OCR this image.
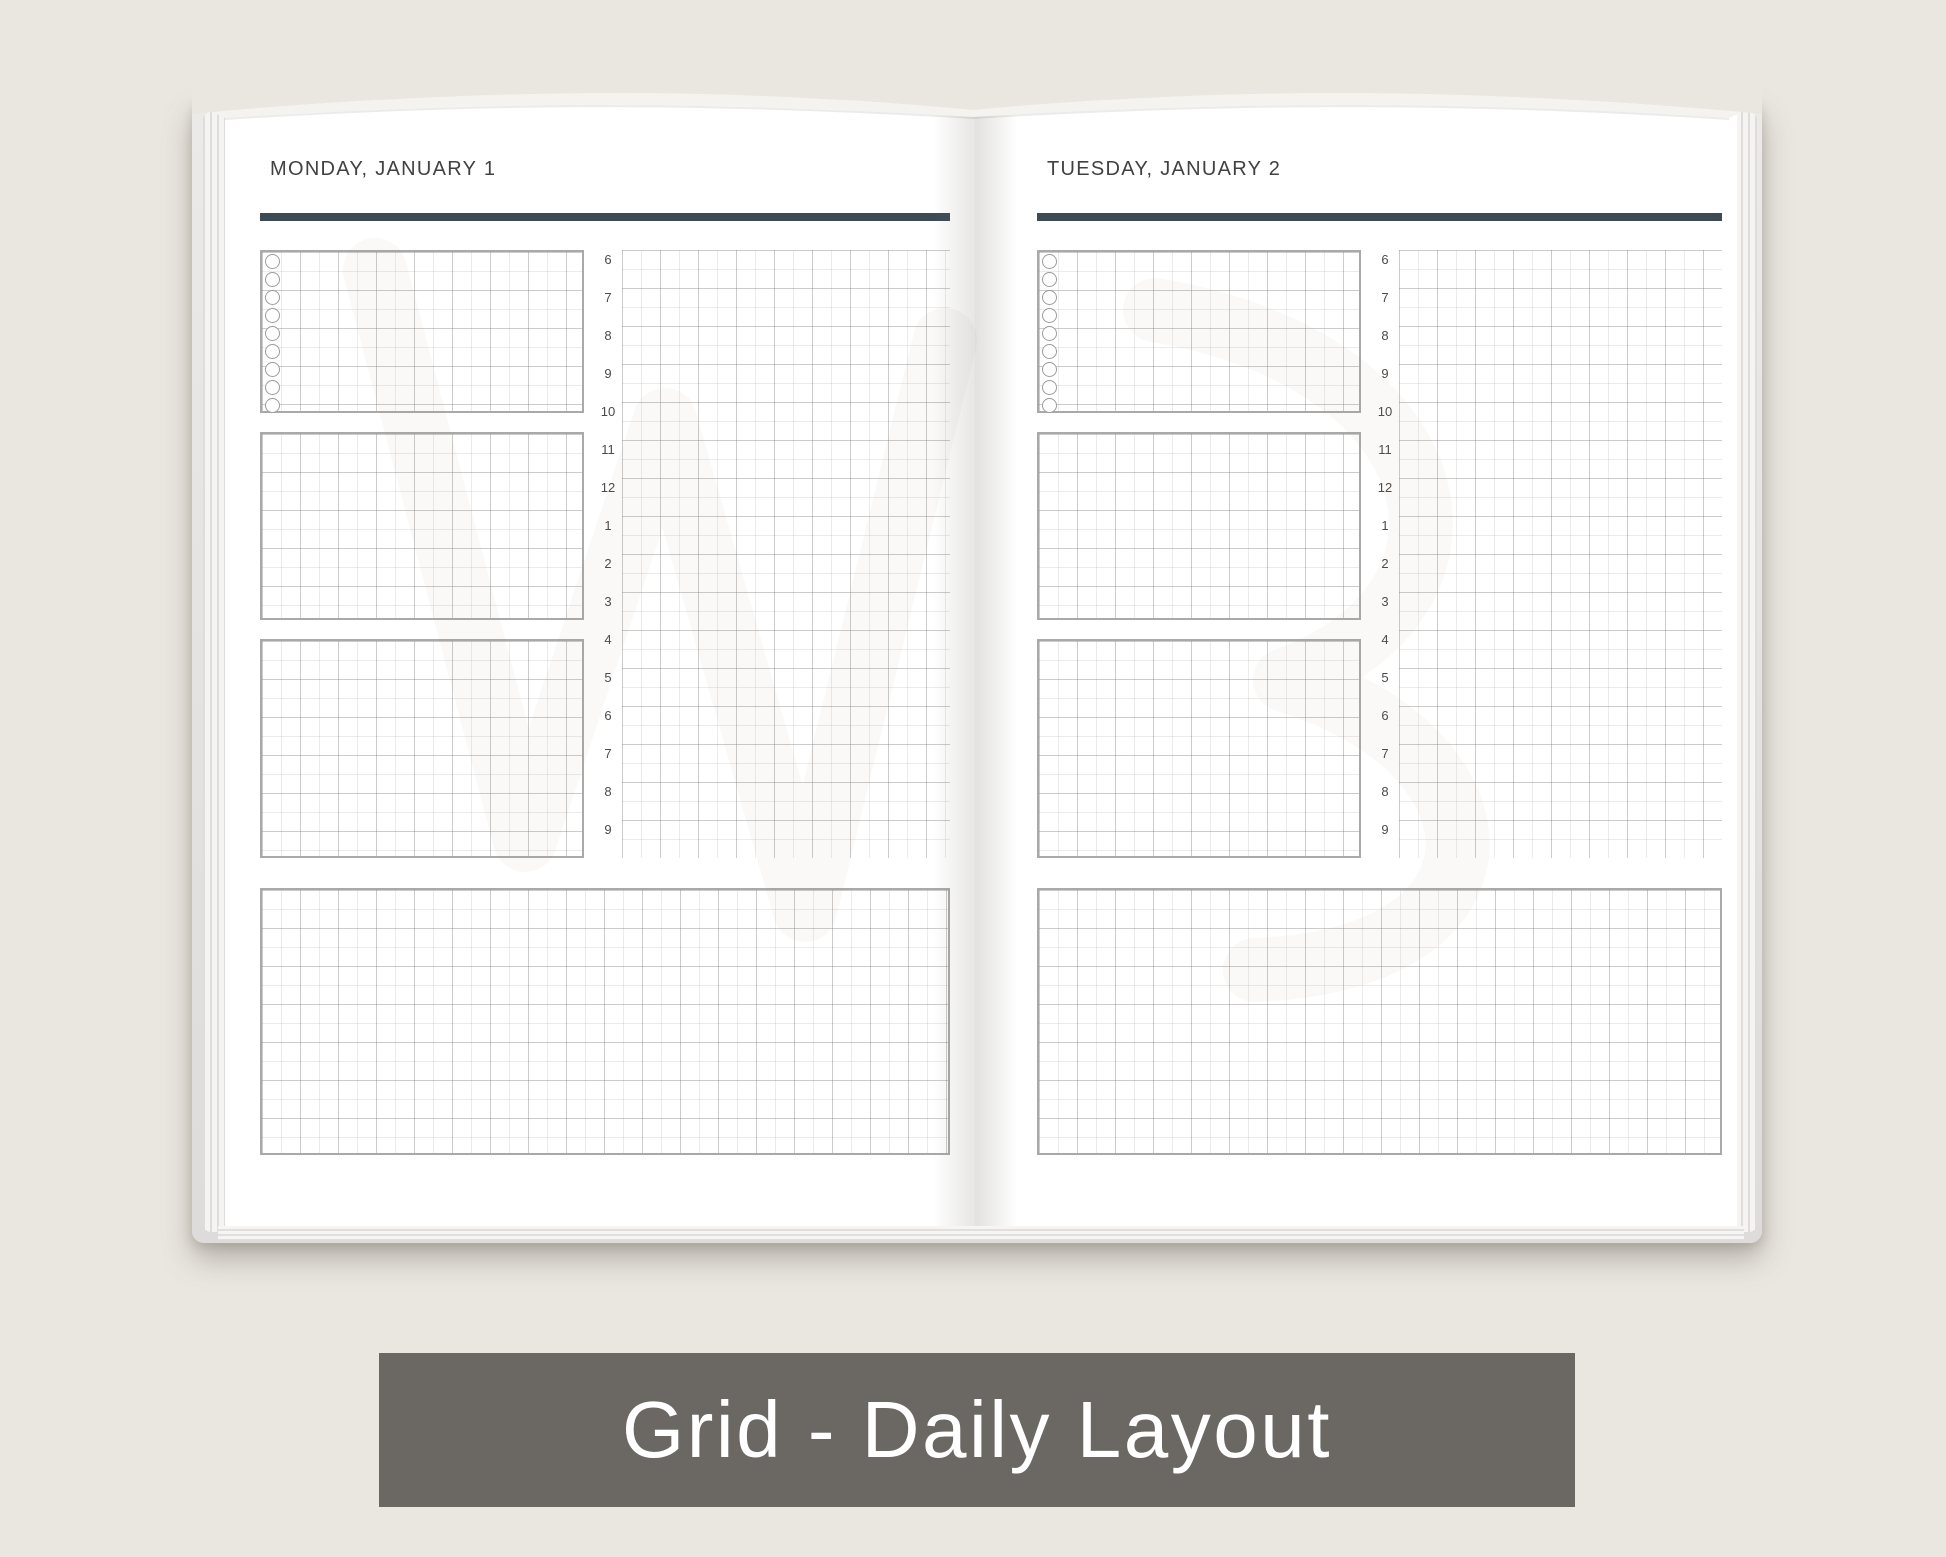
MONDAY, JANUARY 1
6
7
8
9
10
11
12
1
2
3
4
5
6
7
8
9
TUESDAY, JANUARY 2
6
7
8
9
10
11
12
1
2
3
4
5
6
7
8
9
Grid - Daily Layout
